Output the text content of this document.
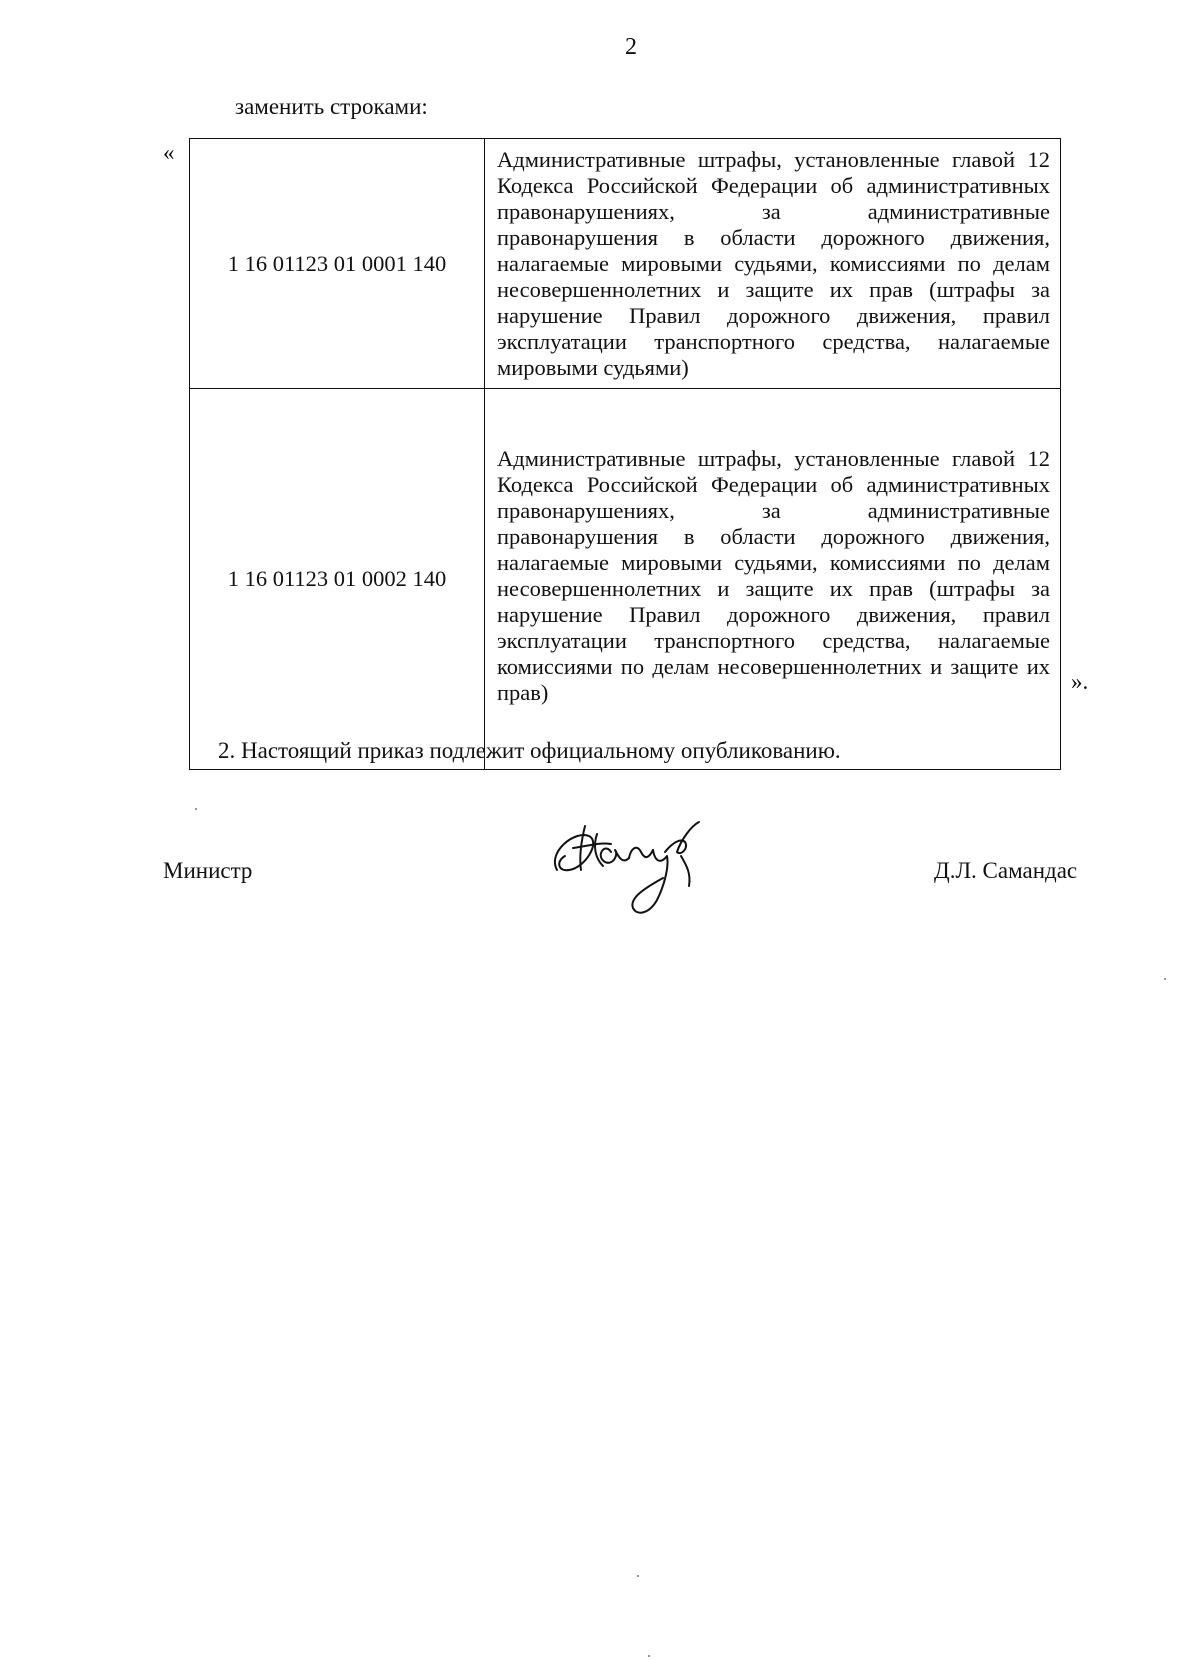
2
заменить строками:
«
1 16 01123 01 0001 140	Административные штрафы, установленные главой 12 Кодекса Российской Федерации об административных правонарушениях, за административные правонарушения в области дорожного движения, налагаемые мировыми судьями, комиссиями по делам несовершеннолетних и защите их прав (штрафы за нарушение Правил дорожного движения, правил эксплуатации транспортного средства, налагаемые мировыми судьями)
1 16 01123 01 0002 140	Административные штрафы, установленные главой 12 Кодекса Российской Федерации об административных правонарушениях, за административные правонарушения в области дорожного движения, налагаемые мировыми судьями, комиссиями по делам несовершеннолетних и защите их прав (штрафы за нарушение Правил дорожного движения, правил эксплуатации транспортного средства, налагаемые комиссиями по делам несовершеннолетних и защите их прав)	».
2. Настоящий приказ подлежит официальному опубликованию.
Министр	Д.Л. Самандас
